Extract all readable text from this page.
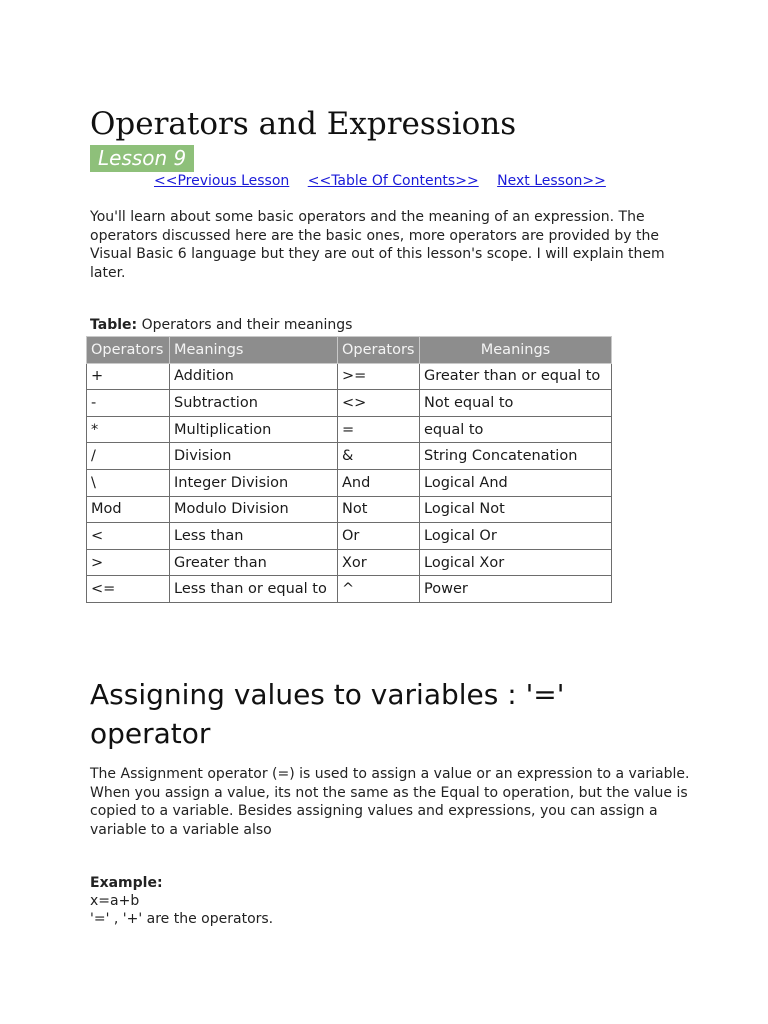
Operators and Expressions
Lesson 9
<<Previous Lesson <<Table Of Contents>> Next Lesson>>

You'll learn about some basic operators and the meaning of an expression. The operators discussed here are the basic ones, more operators are provided by the Visual Basic 6 language but they are out of this lesson's scope. I will explain them later.

Table: Operators and their meanings
Operators	Meanings	Operators	Meanings
+	Addition	>=	Greater than or equal to
-	Subtraction	<>	Not equal to
*	Multiplication	=	equal to
/	Division	&	String Concatenation
\	Integer Division	And	Logical And
Mod	Modulo Division	Not	Logical Not
<	Less than	Or	Logical Or
>	Greater than	Xor	Logical Xor
<=	Less than or equal to	^	Power
Assigning values to variables : '=' operator

The Assignment operator (=) is used to assign a value or an expression to a variable. When you assign a value, its not the same as the Equal to operation, but the value is copied to a variable. Besides assigning values and expressions, you can assign a variable to a variable also

Example:
x=a+b
'=' , '+' are the operators.
